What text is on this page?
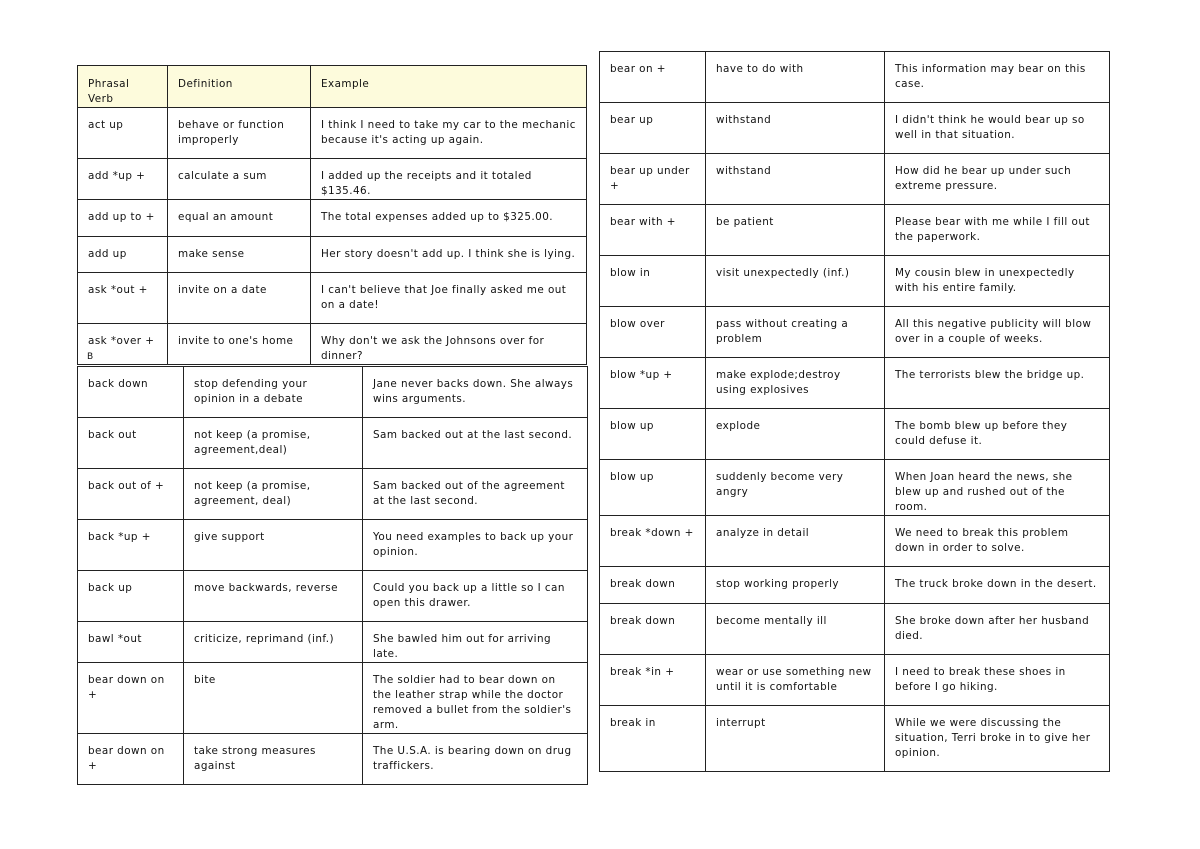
Phrasal Verb	Definition	Example

act up	behave or function improperly	I think I need to take my car to the mechanic because it's acting up again.

add *up +	calculate a sum	I added up the receipts and it totaled $135.46.

add up to +	equal an amount	The total expenses added up to $325.00.

add up	make sense	Her story doesn't add up. I think she is lying.

ask *out +	invite on a date	I can't believe that Joe finally asked me out on a date!

ask *over +	invite to one's home	Why don't we ask the Johnsons over for dinner?
B
back down	stop defending your opinion in a debate	Jane never backs down. She always wins arguments.

back out	not keep (a promise, agreement,deal)	Sam backed out at the last second.

back out of +	not keep (a promise, agreement, deal)	Sam backed out of the agreement at the last second.

back *up +	give support	You need examples to back up your opinion.

back up	move backwards, reverse	Could you back up a little so I can open this drawer.

bawl *out	criticize, reprimand (inf.)	She bawled him out for arriving late.

bear down on +	bite	The soldier had to bear down on the leather strap while the doctor removed a bullet from the soldier's arm.

bear down on +	take strong measures against	The U.S.A. is bearing down on drug traffickers.
bear on +	have to do with	This information may bear on this case.

bear up	withstand	I didn't think he would bear up so well in that situation.

bear up under +	withstand	How did he bear up under such extreme pressure.

bear with +	be patient	Please bear with me while I fill out the paperwork.

blow in	visit unexpectedly (inf.)	My cousin blew in unexpectedly with his entire family.

blow over	pass without creating a problem	All this negative publicity will blow over in a couple of weeks.

blow *up +	make explode;destroy using explosives	The terrorists blew the bridge up.

blow up	explode	The bomb blew up before they could defuse it.

blow up	suddenly become very angry	When Joan heard the news, she blew up and rushed out of the room.

break *down +	analyze in detail	We need to break this problem down in order to solve.

break down	stop working properly	The truck broke down in the desert.

break down	become mentally ill	She broke down after her husband died.

break *in +	wear or use something new until it is comfortable	I need to break these shoes in before I go hiking.

break in	interrupt	While we were discussing the situation, Terri broke in to give her opinion.
